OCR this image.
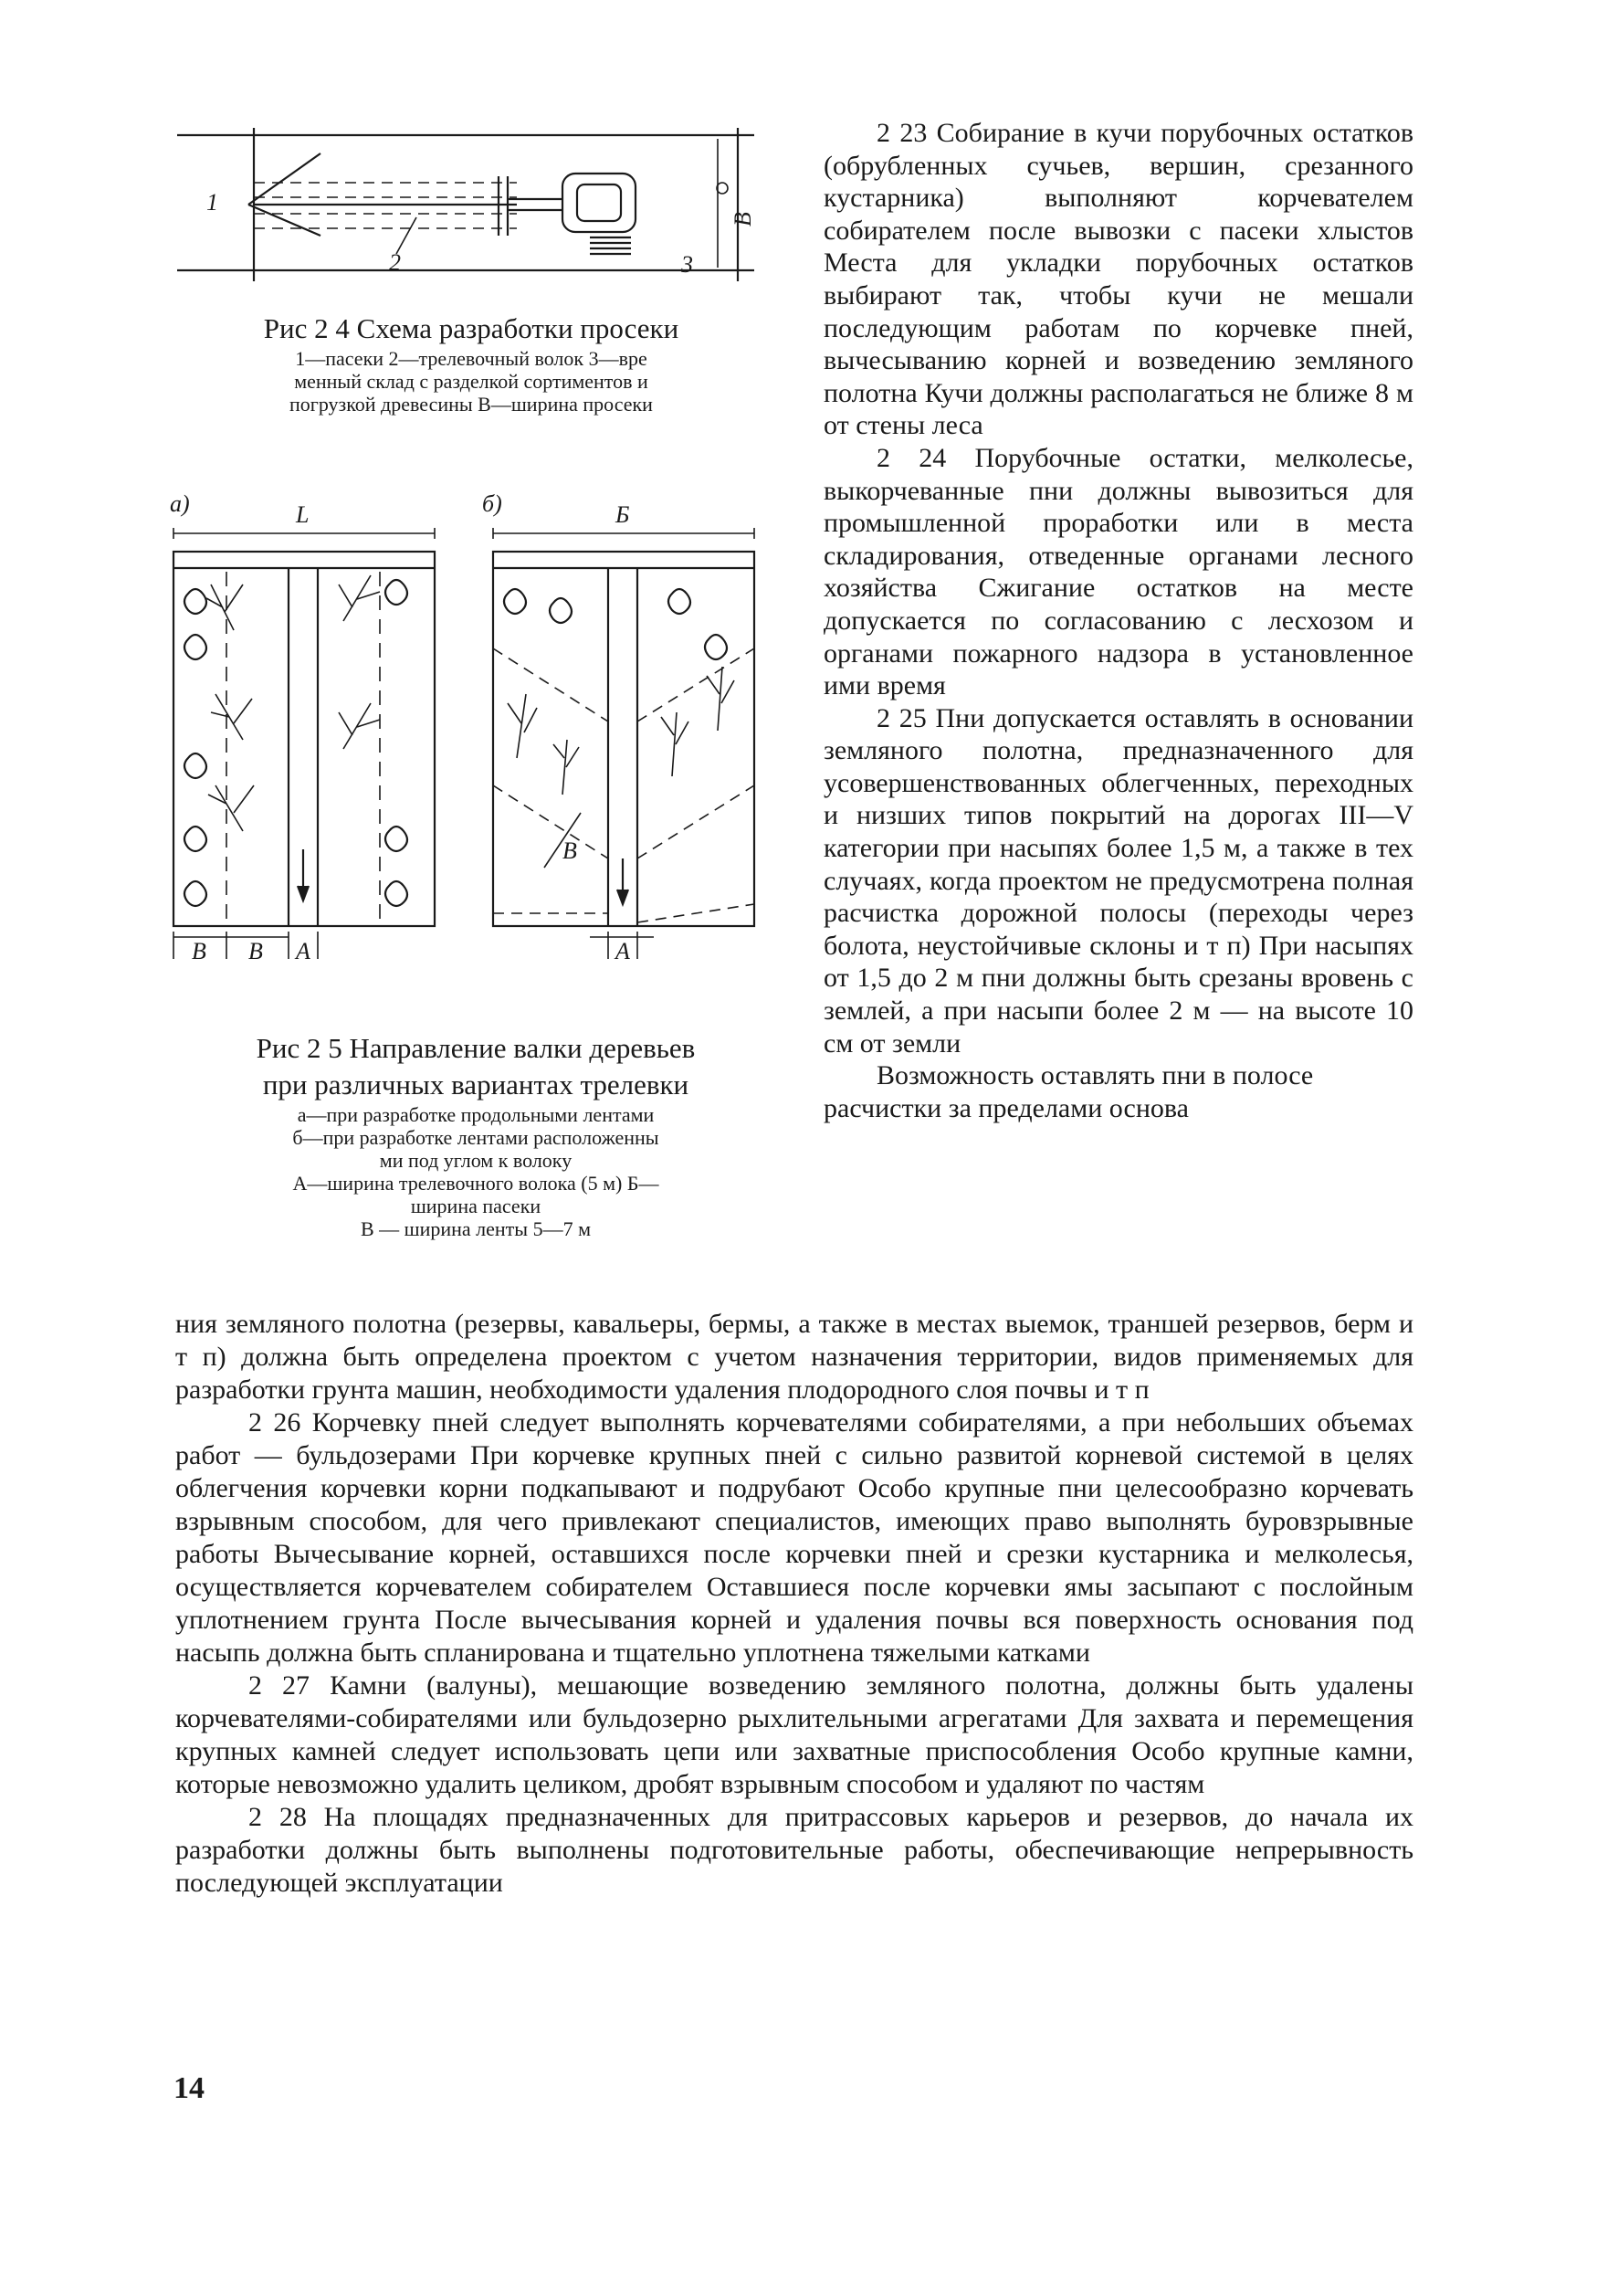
1
2	3
В
Рис 2 4 Схема разработки просеки
1—пасеки 2—трелевочный волок 3—вре
менный склад с разделкой сортиментов и
погрузкой древесины В—ширина просеки
а)	L
В В А
б)	Б
В
А
Рис 2 5 Направление валки деревьев
при различных вариантах трелевки
а—при разработке продольными лентами
б—при разработке лентами расположенны
ми под углом к волоку
А—ширина трелевочного волока (5 м) Б—
ширина пасеки
В — ширина ленты 5—7 м

2 23 Собирание в кучи порубочных остатков (обрубленных сучьев, вершин, срезанного кустарника) выполняют корчевателем собирателем после вывозки с пасеки хлыстов Места для укладки порубочных остатков выбирают так, чтобы кучи не мешали последующим работам по корчевке пней, вычесыванию корней и возведению земляного полотна Кучи должны располагаться не ближе 8 м от стены леса

2 24 Порубочные остатки, мелколесье, выкорчеванные пни должны вывозиться для промышленной проработки или в места складирования, отведенные органами лесного хозяйства Сжигание остатков на месте допускается по согласованию с лесхозом и органами пожарного надзора в установленное ими время

2 25 Пни допускается оставлять в основании земляного полотна, предназначенного для усовершенствованных облегченных, переходных и низших типов покрытий на дорогах III—V категории при насыпях более 1,5 м, а также в тех случаях, когда проектом не предусмотрена полная расчистка дорожной полосы (переходы через болота, неустойчивые склоны и т п) При насыпях от 1,5 до 2 м пни должны быть срезаны вровень с землей, а при насыпи более 2 м — на высоте 10 см от земли

Возможность оставлять пни в полосе расчистки за пределами основа

ния земляного полотна (резервы, кавальеры, бермы, а также в местах выемок, траншей резервов, берм и т п) должна быть определена проектом с учетом назначения территории, видов применяемых для разработки грунта машин, необходимости удаления плодородного слоя почвы и т п

2 26 Корчевку пней следует выполнять корчевателями собирателями, а при небольших объемах работ — бульдозерами При корчевке крупных пней с сильно развитой корневой системой в целях облегчения корчевки корни подкапывают и подрубают Особо крупные пни целесообразно корчевать взрывным способом, для чего привлекают специалистов, имеющих право выполнять буровзрывные работы Вычесывание корней, оставшихся после корчевки пней и срезки кустарника и мелколесья, осуществляется корчевателем собирателем Оставшиеся после корчевки ямы засыпают с послойным уплотнением грунта После вычесывания корней и удаления почвы вся поверхность основания под насыпь должна быть спланирована и тщательно уплотнена тяжелыми катками

2 27 Камни (валуны), мешающие возведению земляного полотна, должны быть удалены корчевателями-собирателями или бульдозерно рыхлительными агрегатами Для захвата и перемещения крупных камней следует использовать цепи или захватные приспособления Особо крупные камни, которые невозможно удалить целиком, дробят взрывным способом и удаляют по частям

2 28 На площадях предназначенных для притрассовых карьеров и резервов, до начала их разработки должны быть выполнены подготовительные работы, обеспечивающие непрерывность последующей эксплуатации

14
